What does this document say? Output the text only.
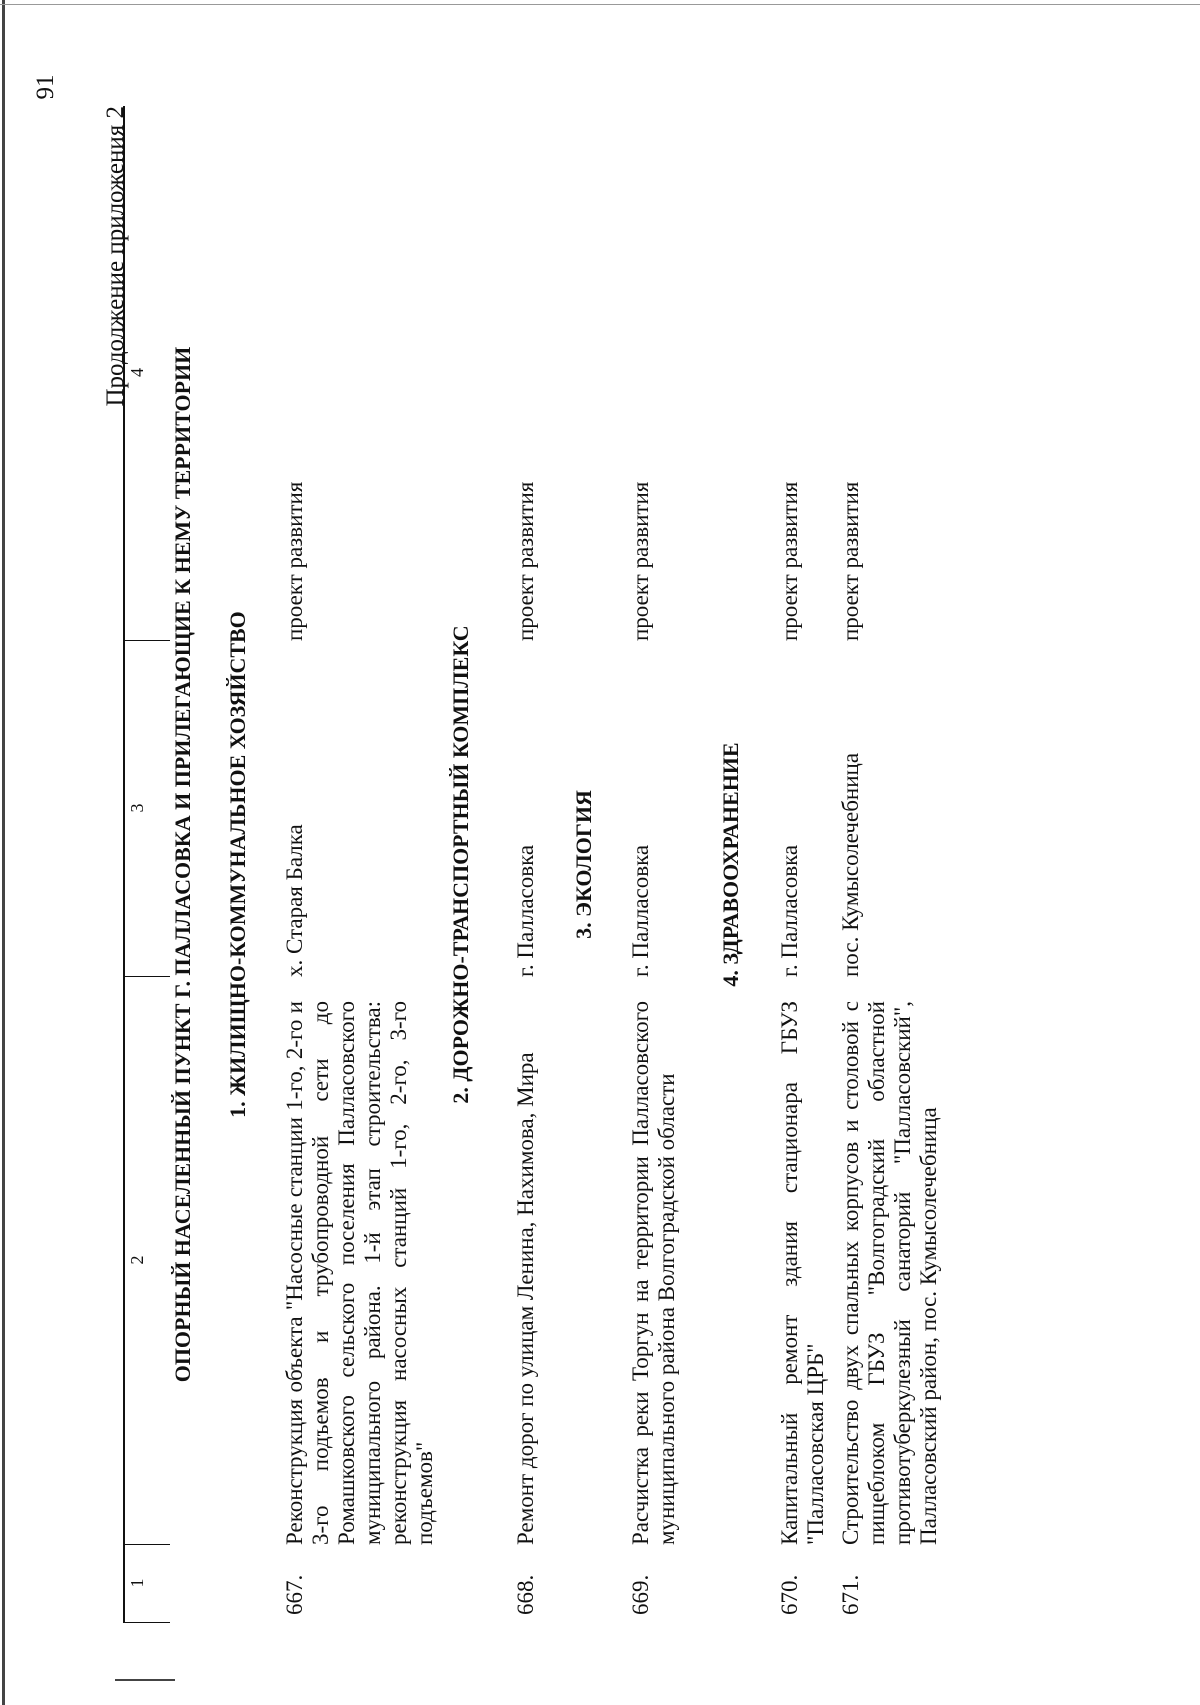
91
Продолжение приложения 2
1
2
3
4 ОПОРНЫЙ НАСЕЛЕННЫЙ ПУНКТ Г. ПАЛЛАСОВКА И ПРИЛЕГАЮЩИЕ К НЕМУ ТЕРРИТОРИИ 1. ЖИЛИЩНО-КОММУНАЛЬНОЕ ХОЗЯЙСТВО
667.
Реконструкция объекта "Насосные станции 1-го, 2-го и 3-го подъемов и трубопроводной сети до Ромашковского сельского поселения Палласовского муниципального района. 1-й этап строительства: реконструкция насосных станций 1-го, 2-го, 3-го подъемов"
х. Старая Балка
проект развития
2. ДОРОЖНО-ТРАНСПОРТНЫЙ КОМПЛЕКС
668.
Ремонт дорог по улицам Ленина, Нахимова, Мира
г. Палласовка
проект развития
3. ЭКОЛОГИЯ
669.
Расчистка реки Торгун на территории Палласовского муниципального района Волгоградской области
г. Палласовка
проект развития
4. ЗДРАВООХРАНЕНИЕ
670.
Капитальный ремонт здания стационара ГБУЗ "Палласовская ЦРБ"
г. Палласовка
проект развития
671.
Строительство двух спальных корпусов и столовой с пищеблоком ГБУЗ "Волгоградский областной противотуберкулезный санаторий "Палласовский", Палласовский район, пос. Кумысолечебница
пос. Кумысолечебница
проект развития
